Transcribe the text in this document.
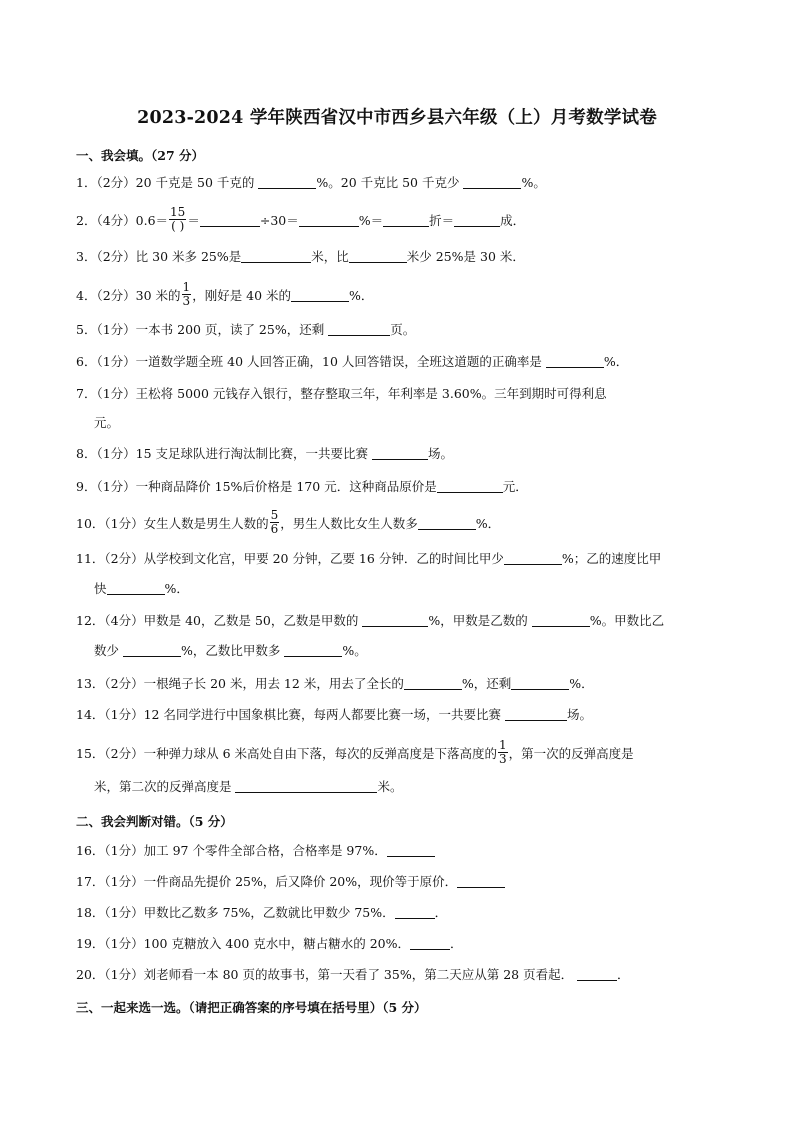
2023-2024 学年陕西省汉中市西乡县六年级（上）月考数学试卷
一、我会填。（27 分）
1．（2分）20 千克是 50 千克的	%。20 千克比 50 千克少	%。
2．（4分）$0.6= \frac{15}{( )}$ ＝	÷30＝	%＝	折＝	成．
3．（2分）比 30 米多 25%是	米，比	米少 25%是 30 米．
4．（2分）30 米的 $\frac{1}{3}$ ，刚好是 40 米的	%．
5．（1分）一本书 200 页，读了 25%，还剩	页。
6．（1分）一道数学题全班 40 人回答正确，10 人回答错误，全班这道题的正确率是	%．
7．（1分）王松将 5000 元钱存入银行，整存整取三年，年利率是 3.60%。三年到期时可得利息
元。
8．（1分）15 支足球队进行淘汰制比赛，一共要比赛	场。
9．（1分）一种商品降价 15%后价格是 170 元．这种商品原价是	元．
10．（1分）女生人数是男生人数的 $\frac{5}{6}$ ，男生人数比女生人数多	%．
11．（2分）从学校到文化宫，甲要 20 分钟，乙要 16 分钟．乙的时间比甲少	%；乙的速度比甲
快	%．
12．（4分）甲数是 40，乙数是 50，乙数是甲数的	%，甲数是乙数的	%。甲数比乙
数少	%，乙数比甲数多	%。
13．（2分）一根绳子长 20 米，用去 12 米，用去了全长的	%，还剩	%．
14．（1分）12 名同学进行中国象棋比赛，每两人都要比赛一场，一共要比赛	场。
15．（2分）一种弹力球从 6 米高处自由下落，每次的反弹高度是下落高度的 $\frac{1}{3}$ ，第一次的反弹高度是
米，第二次的反弹高度是	米。
二、我会判断对错。（5 分）
16．（1分）加工 97 个零件全部合格，合格率是 97%．
17．（1分）一件商品先提价 25%，后又降价 20%，现价等于原价．
18．（1分）甲数比乙数多 75%，乙数就比甲数少 75%．	．
19．（1分）100 克糖放入 400 克水中，糖占糖水的 20%．	．
20．（1分）刘老师看一本 80 页的故事书，第一天看了 35%，第二天应从第 28 页看起．	．
三、一起来选一选。（请把正确答案的序号填在括号里）（5 分）
